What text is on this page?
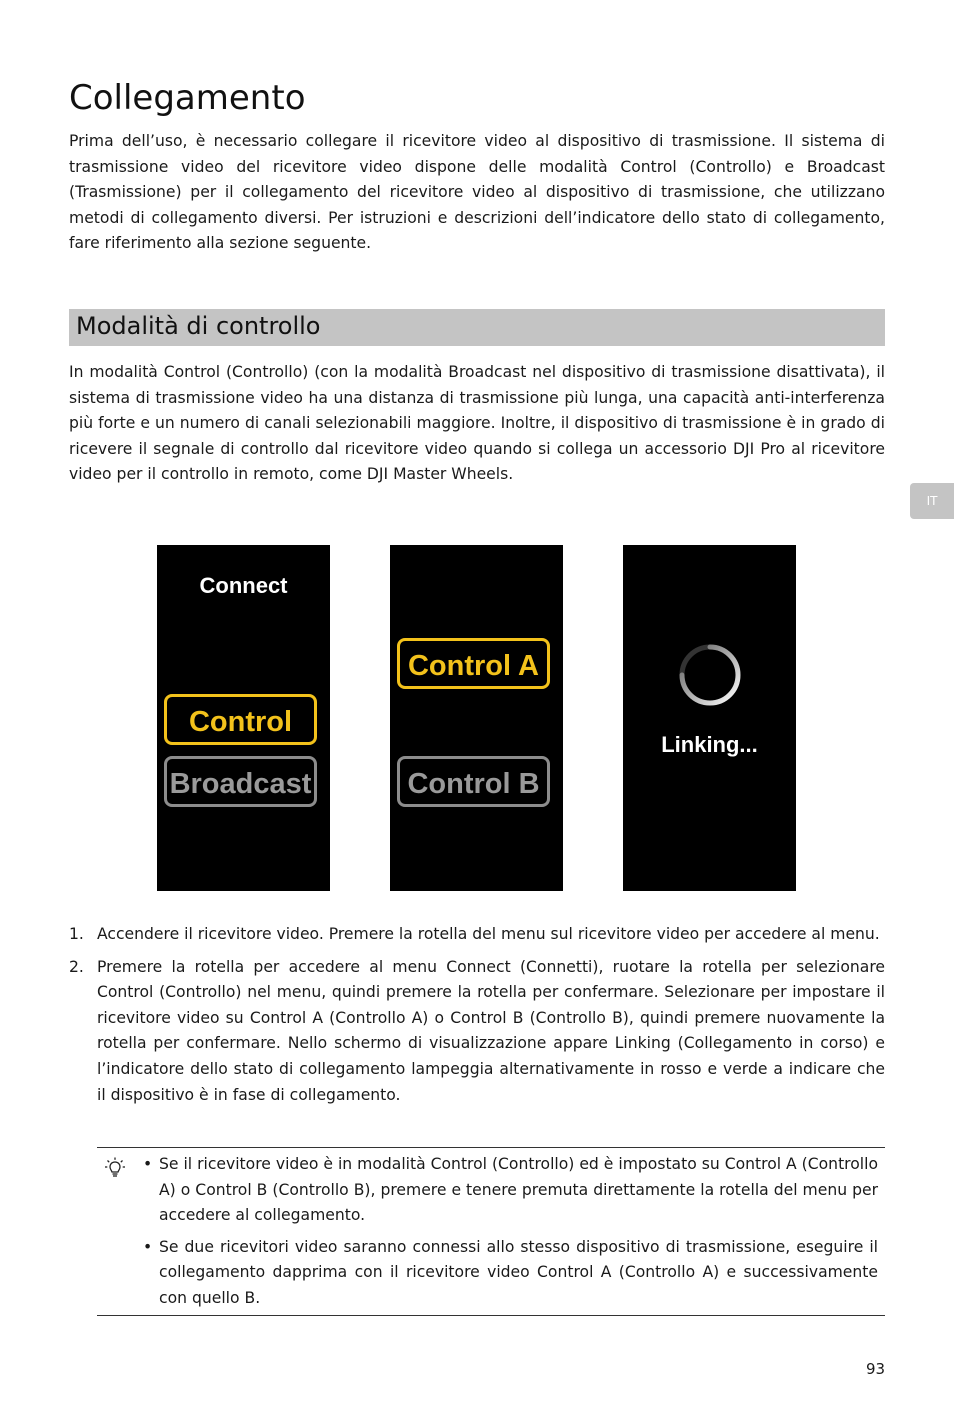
Collegamento

Prima dell’uso, è necessario collegare il ricevitore video al dispositivo di trasmissione. Il sistema di trasmissione video del ricevitore video dispone delle modalità Control (Controllo) e Broadcast (Trasmissione) per il collegamento del ricevitore video al dispositivo di trasmissione, che utilizzano metodi di collegamento diversi. Per istruzioni e descrizioni dell’indicatore dello stato di collegamento, fare riferimento alla sezione seguente.

Modalità di controllo
IT

In modalità Control (Controllo) (con la modalità Broadcast nel dispositivo di trasmissione disattivata), il sistema di trasmissione video ha una distanza di trasmissione più lunga, una capacità anti-interferenza più forte e un numero di canali selezionabili maggiore. Inoltre, il dispositivo di trasmissione è in grado di ricevere il segnale di controllo dal ricevitore video quando si collega un accessorio DJI Pro al ricevitore video per il controllo in remoto, come DJI Master Wheels.

Connect
Control
Broadcast
Control A
Control B
Linking...
1. Accendere il ricevitore video. Premere la rotella del menu sul ricevitore video per accedere al menu.
2. Premere la rotella per accedere al menu Connect (Connetti), ruotare la rotella per selezionare Control (Controllo) nel menu, quindi premere la rotella per confermare. Selezionare per impostare il ricevitore video su Control A (Controllo A) o Control B (Controllo B), quindi premere nuovamente la rotella per confermare. Nello schermo di visualizzazione appare Linking (Collegamento in corso) e l’indicatore dello stato di collegamento lampeggia alternativamente in rosso e verde a indicare che il dispositivo è in fase di collegamento.
• Se il ricevitore video è in modalità Control (Controllo) ed è impostato su Control A (Controllo A) o Control B (Controllo B), premere e tenere premuta direttamente la rotella del menu per accedere al collegamento.
• Se due ricevitori video saranno connessi allo stesso dispositivo di trasmissione, eseguire il collegamento dapprima con il ricevitore video Control A (Controllo A) e successivamente con quello B.
93
